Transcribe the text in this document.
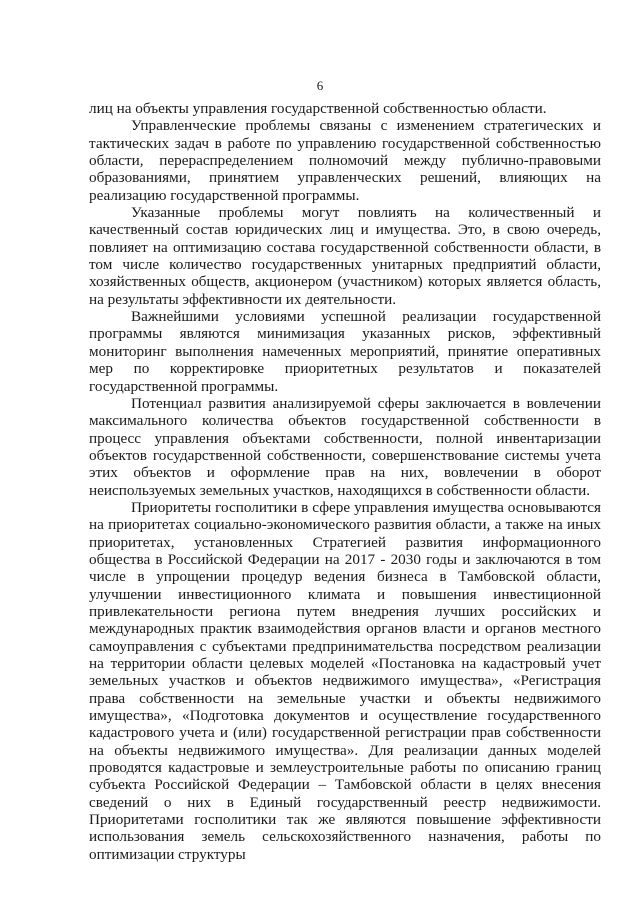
6

лиц на объекты управления государственной собственностью области.

Управленческие проблемы связаны с изменением стратегических и тактических задач в работе по управлению государственной собственностью области, перераспределением полномочий между публично-правовыми образованиями, принятием управленческих решений, влияющих на реализацию государственной программы.

Указанные проблемы могут повлиять на количественный и качественный состав юридических лиц и имущества. Это, в свою очередь, повлияет на оптимизацию состава государственной собственности области, в том числе количество государственных унитарных предприятий области, хозяйственных обществ, акционером (участником) которых является область, на результаты эффективности их деятельности.

Важнейшими условиями успешной реализации государственной программы являются минимизация указанных рисков, эффективный мониторинг выполнения намеченных мероприятий, принятие оперативных мер по корректировке приоритетных результатов и показателей государственной программы.

Потенциал развития анализируемой сферы заключается в вовлечении максимального количества объектов государственной собственности в процесс управления объектами собственности, полной инвентаризации объектов государственной собственности, совершенствование системы учета этих объектов и оформление прав на них, вовлечении в оборот неиспользуемых земельных участков, находящихся в собственности области.

Приоритеты госполитики в сфере управления имущества основываются на приоритетах социально-экономического развития области, а также на иных приоритетах, установленных Стратегией развития информационного общества в Российской Федерации на 2017 - 2030 годы и заключаются в том числе в упрощении процедур ведения бизнеса в Тамбовской области, улучшении инвестиционного климата и повышения инвестиционной привлекательности региона путем внедрения лучших российских и международных практик взаимодействия органов власти и органов местного самоуправления с субъектами предпринимательства посредством реализации на территории области целевых моделей «Постановка на кадастровый учет земельных участков и объектов недвижимого имущества», «Регистрация права собственности на земельные участки и объекты недвижимого имущества», «Подготовка документов и осуществление государственного кадастрового учета и (или) государственной регистрации прав собственности на объекты недвижимого имущества». Для реализации данных моделей проводятся кадастровые и землеустроительные работы по описанию границ субъекта Российской Федерации – Тамбовской области в целях внесения сведений о них в Единый государственный реестр недвижимости. Приоритетами госполитики так же являются повышение эффективности использования земель сельскохозяйственного назначения, работы по оптимизации структуры
